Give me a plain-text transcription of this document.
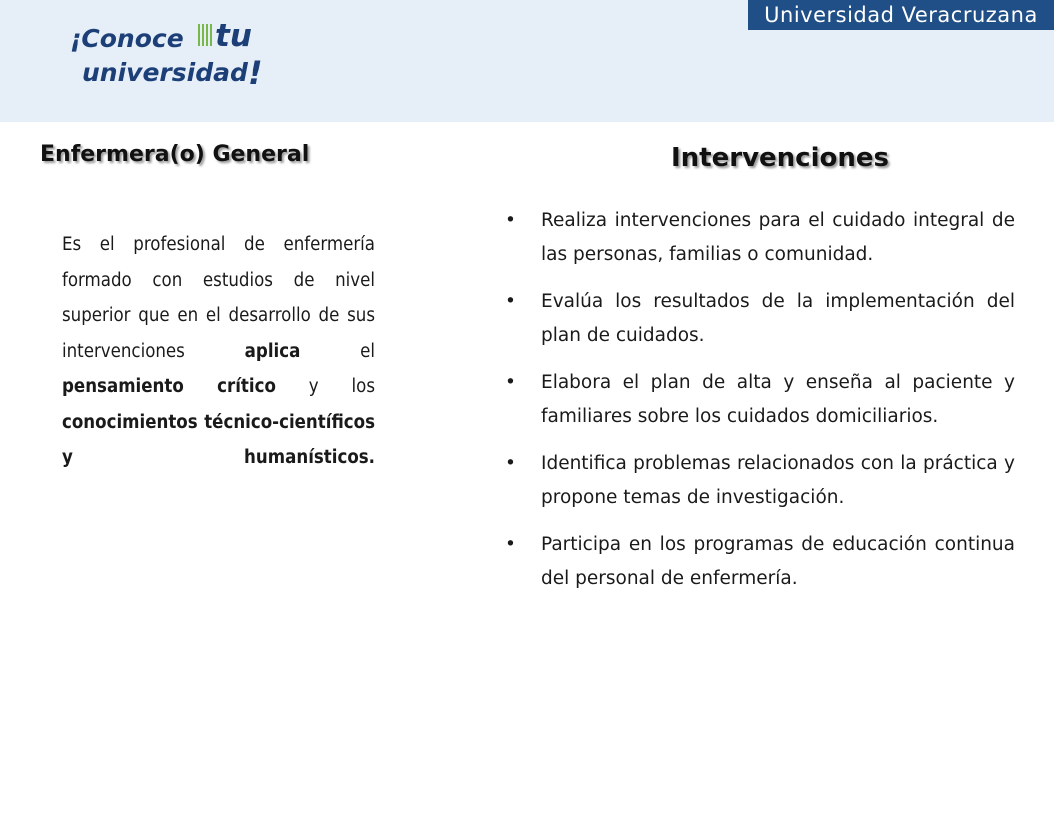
¡Conoce	tu
universidad !
Universidad Veracruzana
Enfermera(o) General
Es el profesional de enfermería formado con estudios de nivel superior que en el desarrollo de sus intervenciones aplica el pensamiento crítico y los conocimientos técnico-científicos y humanísticos.
Intervenciones
• Realiza intervenciones para el cuidado integral de las personas, familias o comunidad.
• Evalúa los resultados de la implementación del plan de cuidados.
• Elabora el plan de alta y enseña al paciente y familiares sobre los cuidados domiciliarios.
• Identifica problemas relacionados con la práctica y propone temas de investigación.
• Participa en los programas de educación continua del personal de enfermería.
